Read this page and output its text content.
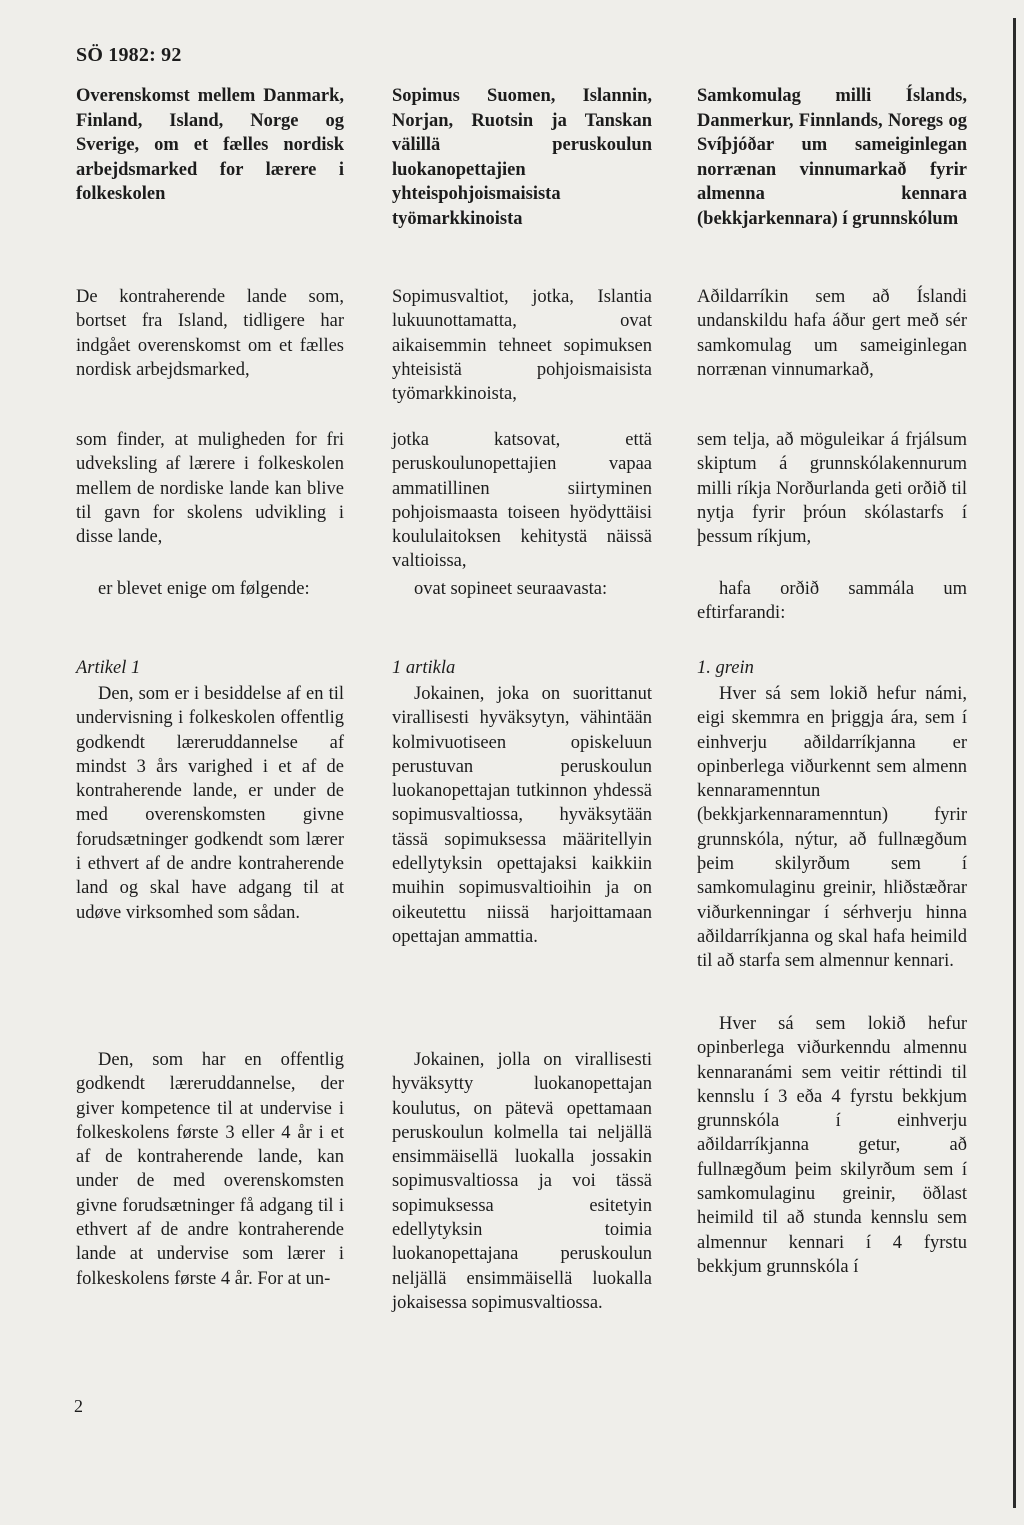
SÖ 1982: 92
Overenskomst mellem Danmark, Finland, Island, Norge og Sverige, om et fælles nordisk arbejdsmarked for lærere i folkeskolen
De kontraherende lande som, bortset fra Island, tidligere har indgået overenskomst om et fælles nordisk arbejdsmarked,
som finder, at muligheden for fri udveksling af lærere i folkeskolen mellem de nordiske lande kan blive til gavn for skolens udvikling i disse lande,
er blevet enige om følgende:
Artikel 1
Den, som er i besiddelse af en til undervisning i folkeskolen offentlig godkendt læreruddannelse af mindst 3 års varighed i et af de kontraherende lande, er under de med overenskomsten givne forudsætninger godkendt som lærer i ethvert af de andre kontraherende land og skal have adgang til at udøve virksomhed som sådan.
Den, som har en offentlig godkendt læreruddannelse, der giver kompetence til at undervise i folkeskolens første 3 eller 4 år i et af de kontraherende lande, kan under de med overenskomsten givne forudsætninger få adgang til i ethvert af de andre kontraherende lande at undervise som lærer i folkeskolens første 4 år. For at un-
Sopimus Suomen, Islannin, Norjan, Ruotsin ja Tanskan välillä peruskoulun luokanopettajien yhteispohjoismaisista työmarkkinoista
Sopimusvaltiot, jotka, Islantia lukuunottamatta, ovat aikaisemmin tehneet sopimuksen yhteisistä pohjoismaisista työmarkkinoista,
jotka katsovat, että peruskoulunopettajien vapaa ammatillinen siirtyminen pohjoismaasta toiseen hyödyttäisi koululaitoksen kehitystä näissä valtioissa,
ovat sopineet seuraavasta:
1 artikla
Jokainen, joka on suorittanut virallisesti hyväksytyn, vähintään kolmivuotiseen opiskeluun perustuvan peruskoulun luokanopettajan tutkinnon yhdessä sopimusvaltiossa, hyväksytään tässä sopimuksessa määritellyin edellytyksin opettajaksi kaikkiin muihin sopimusvaltioihin ja on oikeutettu niissä harjoittamaan opettajan ammattia.
Jokainen, jolla on virallisesti hyväksytty luokanopettajan koulutus, on pätevä opettamaan peruskoulun kolmella tai neljällä ensimmäisellä luokalla jossakin sopimusvaltiossa ja voi tässä sopimuksessa esitetyin edellytyksin toimia luokanopettajana peruskoulun neljällä ensimmäisellä luokalla jokaisessa sopimusvaltiossa.
Samkomulag milli Íslands, Danmerkur, Finnlands, Noregs og Svíþjóðar um sameiginlegan norrænan vinnumarkað fyrir almenna kennara (bekkjarkennara) í grunnskólum
Aðildarríkin sem að Íslandi undanskildu hafa áður gert með sér samkomulag um sameiginlegan norrænan vinnumarkað,
sem telja, að möguleikar á frjálsum skiptum á grunnskólakennurum milli ríkja Norðurlanda geti orðið til nytja fyrir þróun skólastarfs í þessum ríkjum,
hafa orðið sammála um eftirfarandi:
1. grein
Hver sá sem lokið hefur námi, eigi skemmra en þriggja ára, sem í einhverju aðildarríkjanna er opinberlega viðurkennt sem almenn kennaramenntun (bekkjarkennaramenntun) fyrir grunnskóla, nýtur, að fullnægðum þeim skilyrðum sem í samkomulaginu greinir, hliðstæðrar viðurkenningar í sérhverju hinna aðildarríkjanna og skal hafa heimild til að starfa sem almennur kennari.
Hver sá sem lokið hefur opinberlega viðurkenndu almennu kennaranámi sem veitir réttindi til kennslu í 3 eða 4 fyrstu bekkjum grunnskóla í einhverju aðildarríkjanna getur, að fullnægðum þeim skilyrðum sem í samkomulaginu greinir, öðlast heimild til að stunda kennslu sem almennur kennari í 4 fyrstu bekkjum grunnskóla í
2
